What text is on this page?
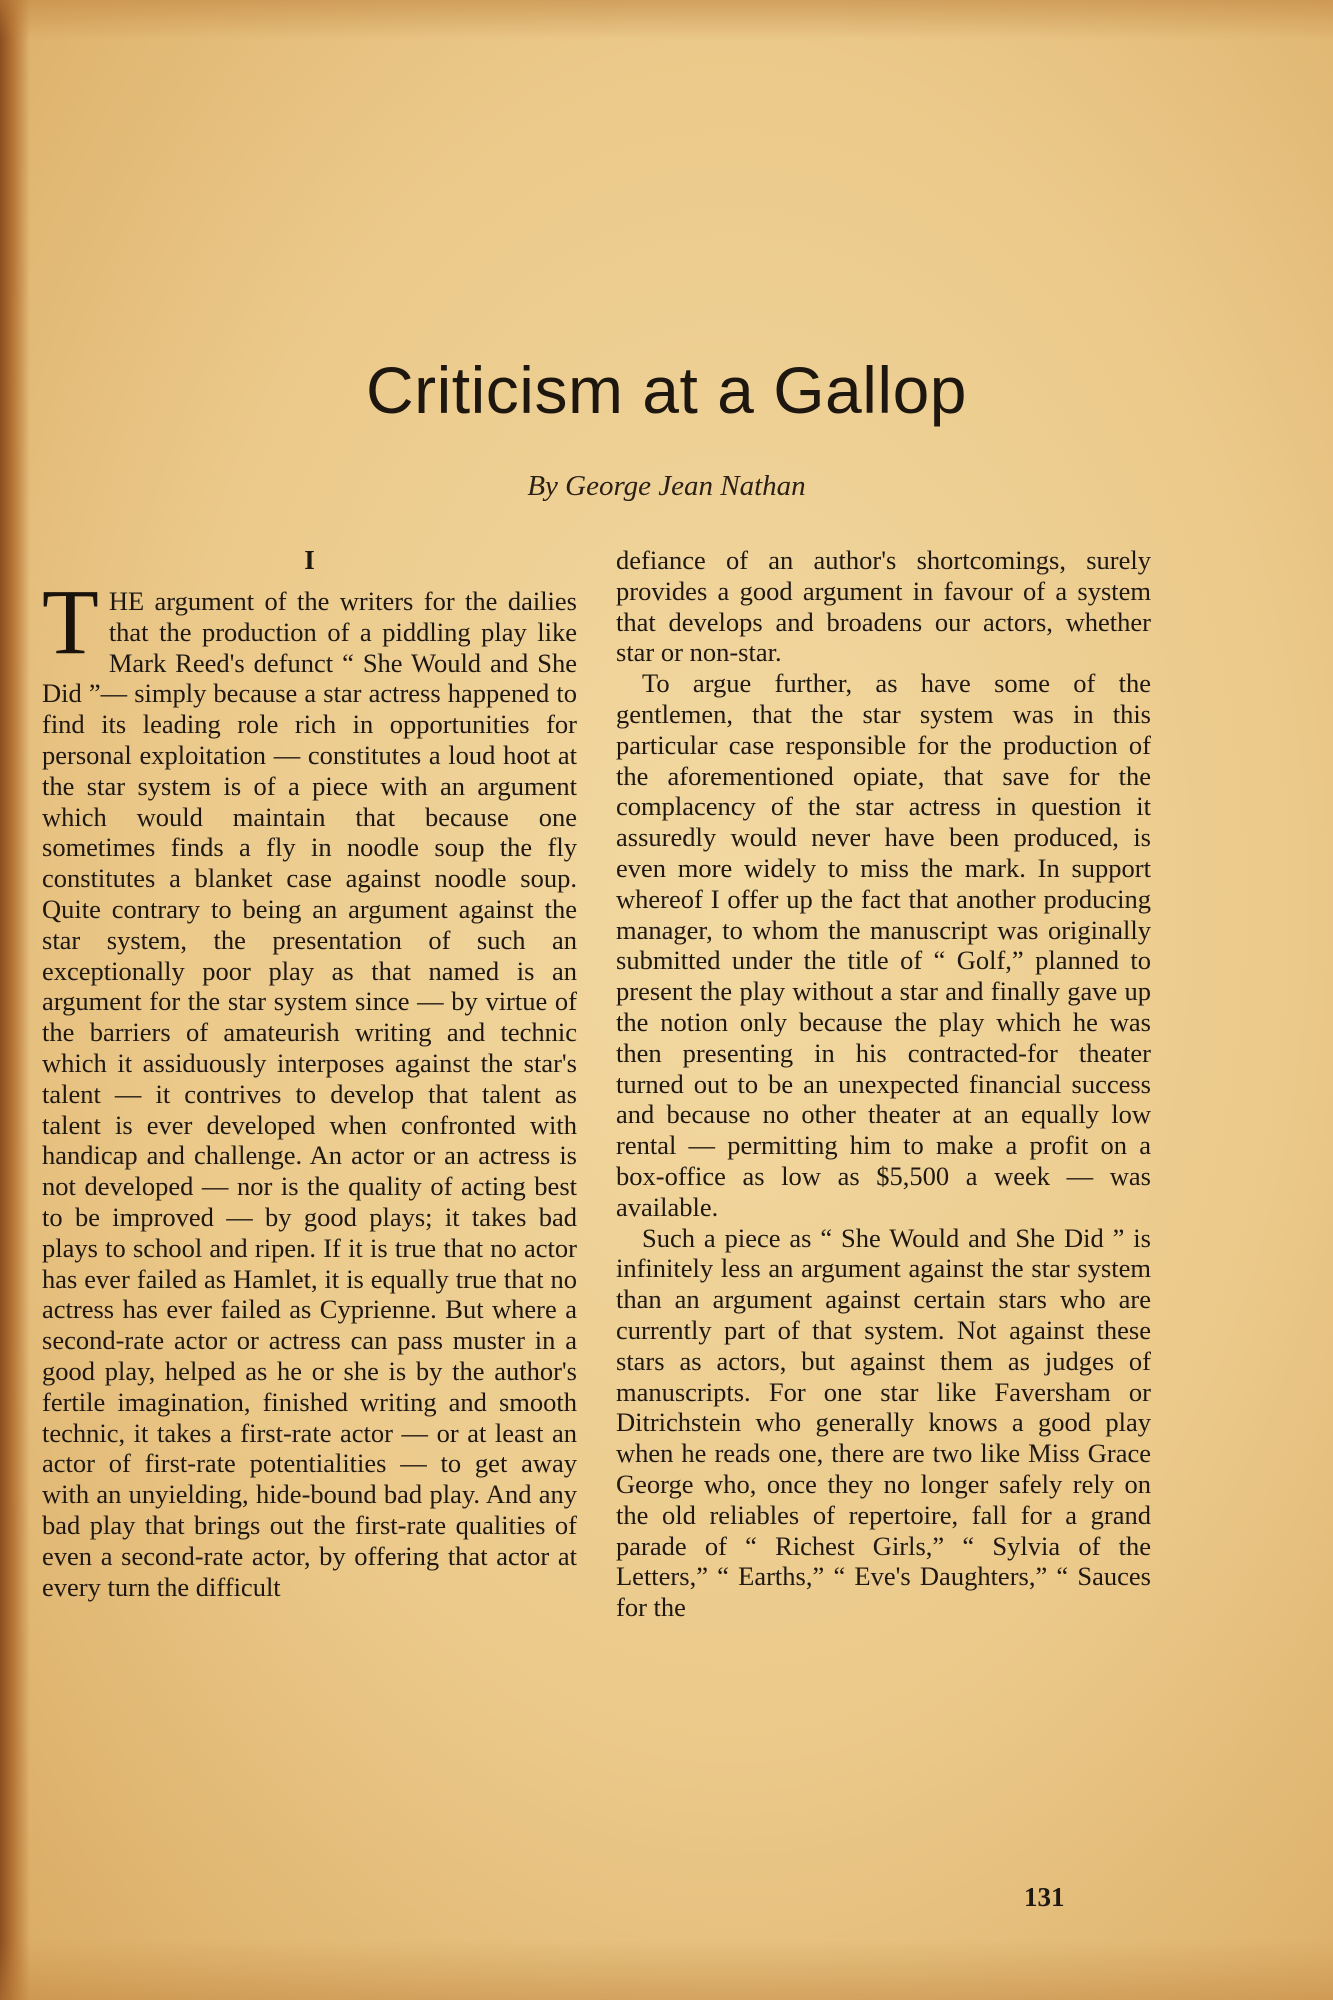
Criticism at a Gallop
By George Jean Nathan
I

THE argument of the writers for the dailies that the production of a piddling play like Mark Reed's defunct “ She Would and She Did ”— simply because a star actress happened to find its leading role rich in opportunities for personal exploitation — constitutes a loud hoot at the star system is of a piece with an argument which would maintain that because one sometimes finds a fly in noodle soup the fly constitutes a blanket case against noodle soup. Quite contrary to being an argument against the star system, the presentation of such an exceptionally poor play as that named is an argument for the star system since — by virtue of the barriers of amateurish writing and technic which it assiduously interposes against the star's talent — it contrives to develop that talent as talent is ever developed when confronted with handicap and challenge. An actor or an actress is not developed — nor is the quality of acting best to be improved — by good plays; it takes bad plays to school and ripen. If it is true that no actor has ever failed as Hamlet, it is equally true that no actress has ever failed as Cyprienne. But where a second-rate actor or actress can pass muster in a good play, helped as he or she is by the author's fertile imagination, finished writing and smooth technic, it takes a first-rate actor — or at least an actor of first-rate potentialities — to get away with an unyielding, hide-bound bad play. And any bad play that brings out the first-rate qualities of even a second-rate actor, by offering that actor at every turn the difficult

defiance of an author's shortcomings, surely provides a good argument in favour of a system that develops and broadens our actors, whether star or non-star.

To argue further, as have some of the gentlemen, that the star system was in this particular case responsible for the production of the aforementioned opiate, that save for the complacency of the star actress in question it assuredly would never have been produced, is even more widely to miss the mark. In support whereof I offer up the fact that another producing manager, to whom the manuscript was originally submitted under the title of “ Golf,” planned to present the play without a star and finally gave up the notion only because the play which he was then presenting in his contracted-for theater turned out to be an unexpected financial success and because no other theater at an equally low rental — permitting him to make a profit on a box-office as low as $5,500 a week — was available.

Such a piece as “ She Would and She Did ” is infinitely less an argument against the star system than an argument against certain stars who are currently part of that system. Not against these stars as actors, but against them as judges of manuscripts. For one star like Faversham or Ditrichstein who generally knows a good play when he reads one, there are two like Miss Grace George who, once they no longer safely rely on the old reliables of repertoire, fall for a grand parade of “ Richest Girls,” “ Sylvia of the Letters,” “ Earths,” “ Eve's Daughters,” “ Sauces for the

131
